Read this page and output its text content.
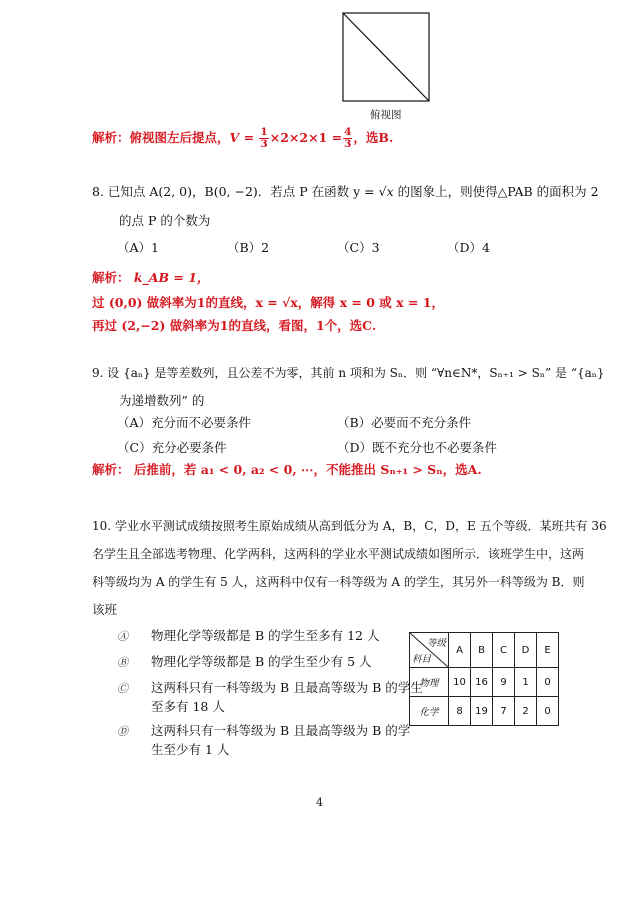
俯视图
解析：俯视图左后提点，$V = \frac{1}{3} \times 2\times 2\times 1 = \frac{4}{3}$ ，选B.
8. 已知点 A(2, 0)，B(0, −2)．若点 P 在函数 y = √x 的图象上，则使得△PAB 的面积为 2
的点 P 的个数为
（A）1	（B）2	（C）3	（D）4
解析： k_AB = 1，
过 (0,0) 做斜率为1的直线，x = √x，解得 x = 0 或 x = 1，
再过 (2,−2) 做斜率为1的直线，看图，1个，选C.
9. 设 {aₙ} 是等差数列，且公差不为零，其前 n 项和为 Sₙ．则 “∀n∈N*，Sₙ₊₁ > Sₙ” 是 “{aₙ}
为递增数列” 的
（A）充分而不必要条件	（B）必要而不充分条件
（C）充分必要条件	（D）既不充分也不必要条件
解析： 后推前，若 a₁ < 0, a₂ < 0, ⋯，不能推出 Sₙ₊₁ > Sₙ，选A.
10. 学业水平测试成绩按照考生原始成绩从高到低分为 A，B，C，D，E 五个等级．某班共有 36
名学生且全部选考物理、化学两科，这两科的学业水平测试成绩如图所示．该班学生中，这两
科等级均为 A 的学生有 5 人，这两科中仅有一科等级为 A 的学生，其另外一科等级为 B．则
该班
Ⓐ 物理化学等级都是 B 的学生至多有 12 人
Ⓑ 物理化学等级都是 B 的学生至少有 5 人
Ⓒ 这两科只有一科等级为 B 且最高等级为 B 的学生
至多有 18 人
Ⓓ 这两科只有一科等级为 B 且最高等级为 B 的学
生至少有 1 人
等级
科目	A	B	C	D	E
物理	10	16	9	1	0
化学	8	19	7	2	0
4
